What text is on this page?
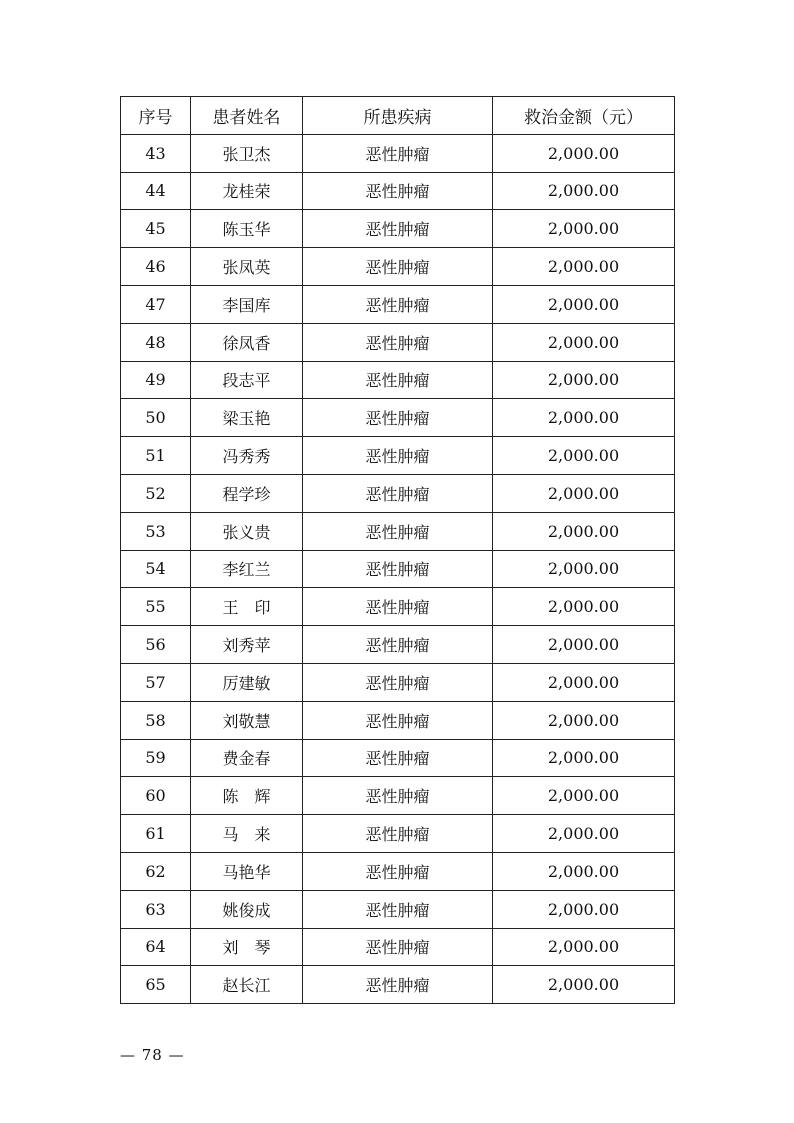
序号	患者姓名	所患疾病	救治金额（元）
43	张卫杰	恶性肿瘤	2,000.00
44	龙桂荣	恶性肿瘤	2,000.00
45	陈玉华	恶性肿瘤	2,000.00
46	张凤英	恶性肿瘤	2,000.00
47	李国库	恶性肿瘤	2,000.00
48	徐凤香	恶性肿瘤	2,000.00
49	段志平	恶性肿瘤	2,000.00
50	梁玉艳	恶性肿瘤	2,000.00
51	冯秀秀	恶性肿瘤	2,000.00
52	程学珍	恶性肿瘤	2,000.00
53	张义贵	恶性肿瘤	2,000.00
54	李红兰	恶性肿瘤	2,000.00
55	王　印	恶性肿瘤	2,000.00
56	刘秀苹	恶性肿瘤	2,000.00
57	厉建敏	恶性肿瘤	2,000.00
58	刘敬慧	恶性肿瘤	2,000.00
59	费金春	恶性肿瘤	2,000.00
60	陈　辉	恶性肿瘤	2,000.00
61	马　来	恶性肿瘤	2,000.00
62	马艳华	恶性肿瘤	2,000.00
63	姚俊成	恶性肿瘤	2,000.00
64	刘　琴	恶性肿瘤	2,000.00
65	赵长江	恶性肿瘤	2,000.00
— 78 —
